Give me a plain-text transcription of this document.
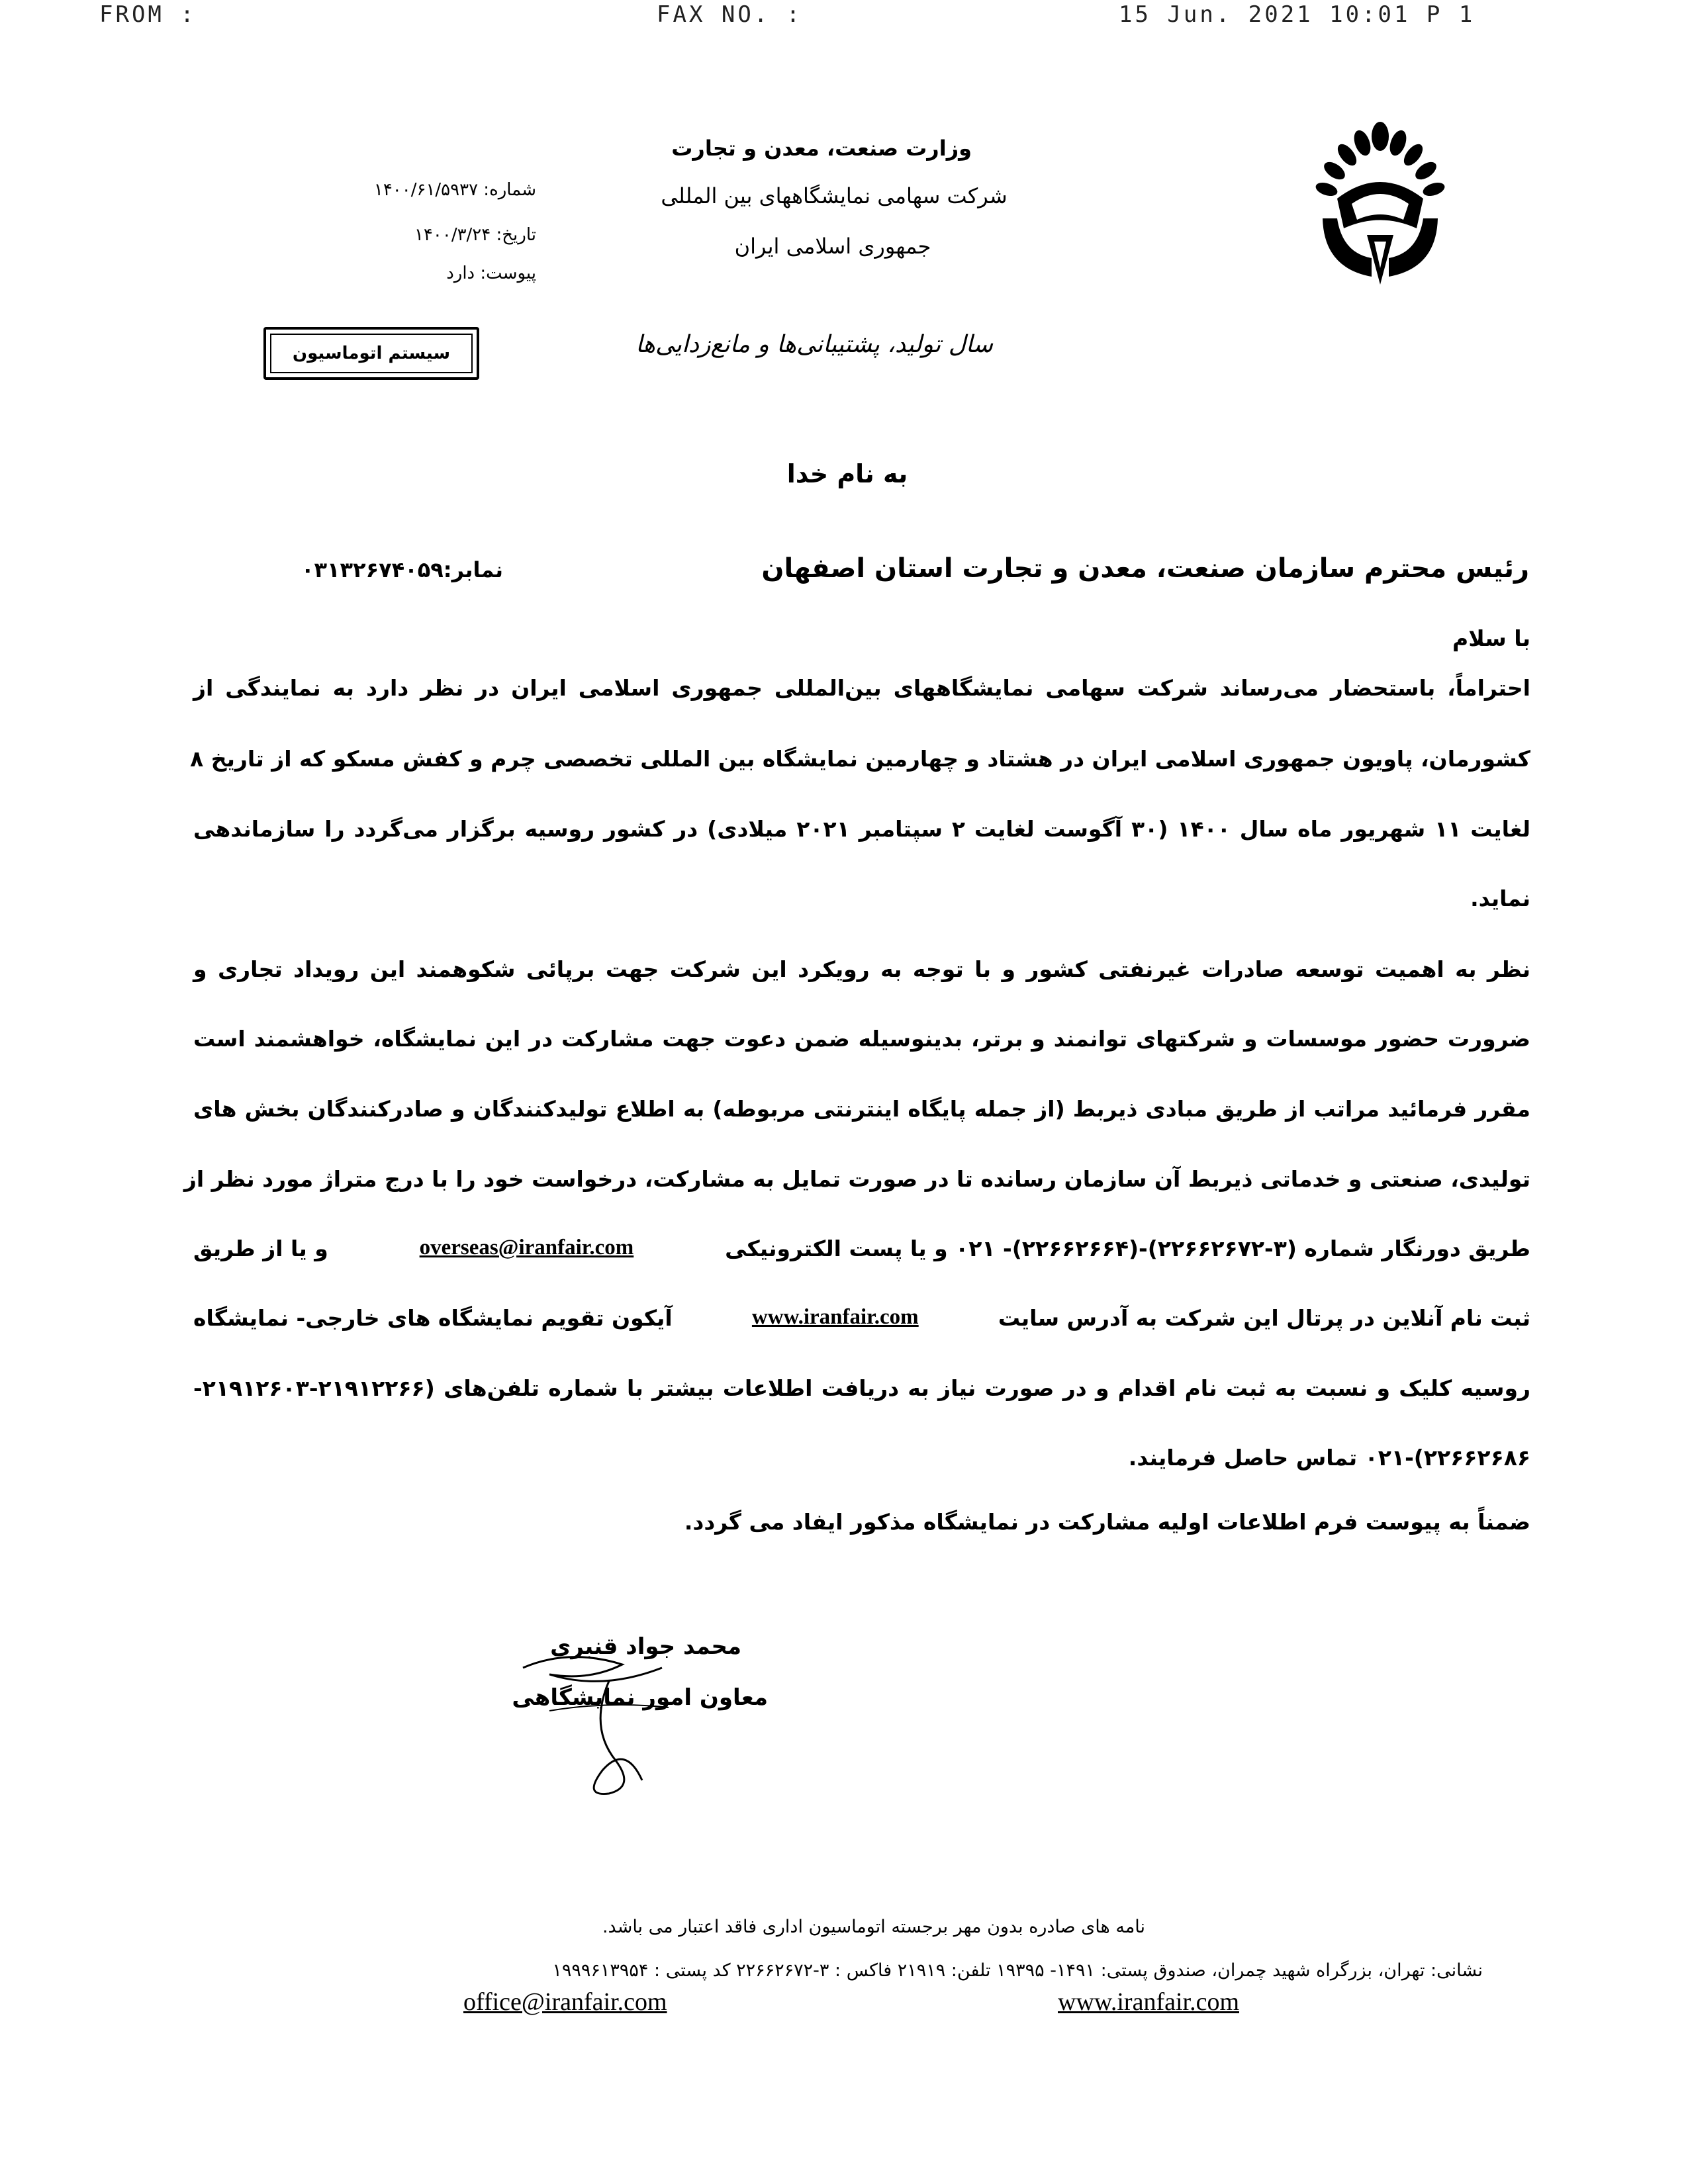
FROM :	FAX NO. :	15 Jun. 2021 10:01 P 1
وزارت صنعت، معدن و تجارت
شرکت سهامی نمایشگاههای بین المللی
جمهوری اسلامی ایران
سال تولید، پشتیبانی‌ها و مانع‌زدایی‌ها
شماره: ۱۴۰۰/۶۱/۵۹۳۷
تاریخ: ۱۴۰۰/۳/۲۴
پیوست: دارد
سیستم اتوماسیون
به نام خدا
رئیس محترم سازمان صنعت، معدن و تجارت استان اصفهان
نمابر:۰۳۱۳۲۶۷۴۰۵۹
با سلام
احتراماً، باستحضار می‌رساند شرکت سهامی نمایشگاههای بین‌المللی جمهوری اسلامی ایران در نظر دارد به نمایندگی از
کشورمان، پاویون جمهوری اسلامی ایران در هشتاد و چهارمین نمایشگاه بین المللی تخصصی چرم و کفش مسکو که از تاریخ ۸
لغایت ۱۱ شهریور ماه سال ۱۴۰۰ (۳۰ آگوست لغایت ۲ سپتامبر ۲۰۲۱ میلادی) در کشور روسیه برگزار می‌گردد را سازماندهی
نماید.
نظر به اهمیت توسعه صادرات غیرنفتی کشور و با توجه به رویکرد این شرکت جهت برپائی شکوهمند این رویداد تجاری و
ضرورت حضور موسسات و شرکتهای توانمند و برتر، بدینوسیله ضمن دعوت جهت مشارکت در این نمایشگاه، خواهشمند است
مقرر فرمائید مراتب از طریق مبادی ذیربط (از جمله پایگاه اینترنتی مربوطه) به اطلاع تولیدکنندگان و صادرکنندگان بخش های
تولیدی، صنعتی و خدماتی ذیربط آن سازمان رسانده تا در صورت تمایل به مشارکت، درخواست خود را با درج متراژ مورد نظر از
طریق دورنگار شماره (۳-۲۲۶۶۲۶۷۲)-(۲۲۶۶۲۶۶۴)- ۰۲۱ و یا پست الکترونیکی
overseas@iranfair.com
و یا از طریق
ثبت نام آنلاین در پرتال این شرکت به آدرس سایت
www.iranfair.com
آیکون تقویم نمایشگاه های خارجی- نمایشگاه
روسیه کلیک و نسبت به ثبت نام اقدام و در صورت نیاز به دریافت اطلاعات بیشتر با شماره تلفن‌های (۲۱۹۱۲۲۶۶-۲۱۹۱۲۶۰۳-
۲۲۶۶۲۶۸۶)-۰۲۱ تماس حاصل فرمایند.
ضمناً به پیوست فرم اطلاعات اولیه مشارکت در نمایشگاه مذکور ایفاد می گردد.
محمد جواد قنبری
معاون امور نمایشگاهی
نامه های صادره بدون مهر برجسته اتوماسیون اداری فاقد اعتبار می باشد.
نشانی: تهران، بزرگراه شهید چمران، صندوق پستی: ۱۴۹۱- ۱۹۳۹۵ تلفن: ۲۱۹۱۹ فاکس : ۳-۲۲۶۶۲۶۷۲ کد پستی : ۱۹۹۹۶۱۳۹۵۴
office@iranfair.com	www.iranfair.com
